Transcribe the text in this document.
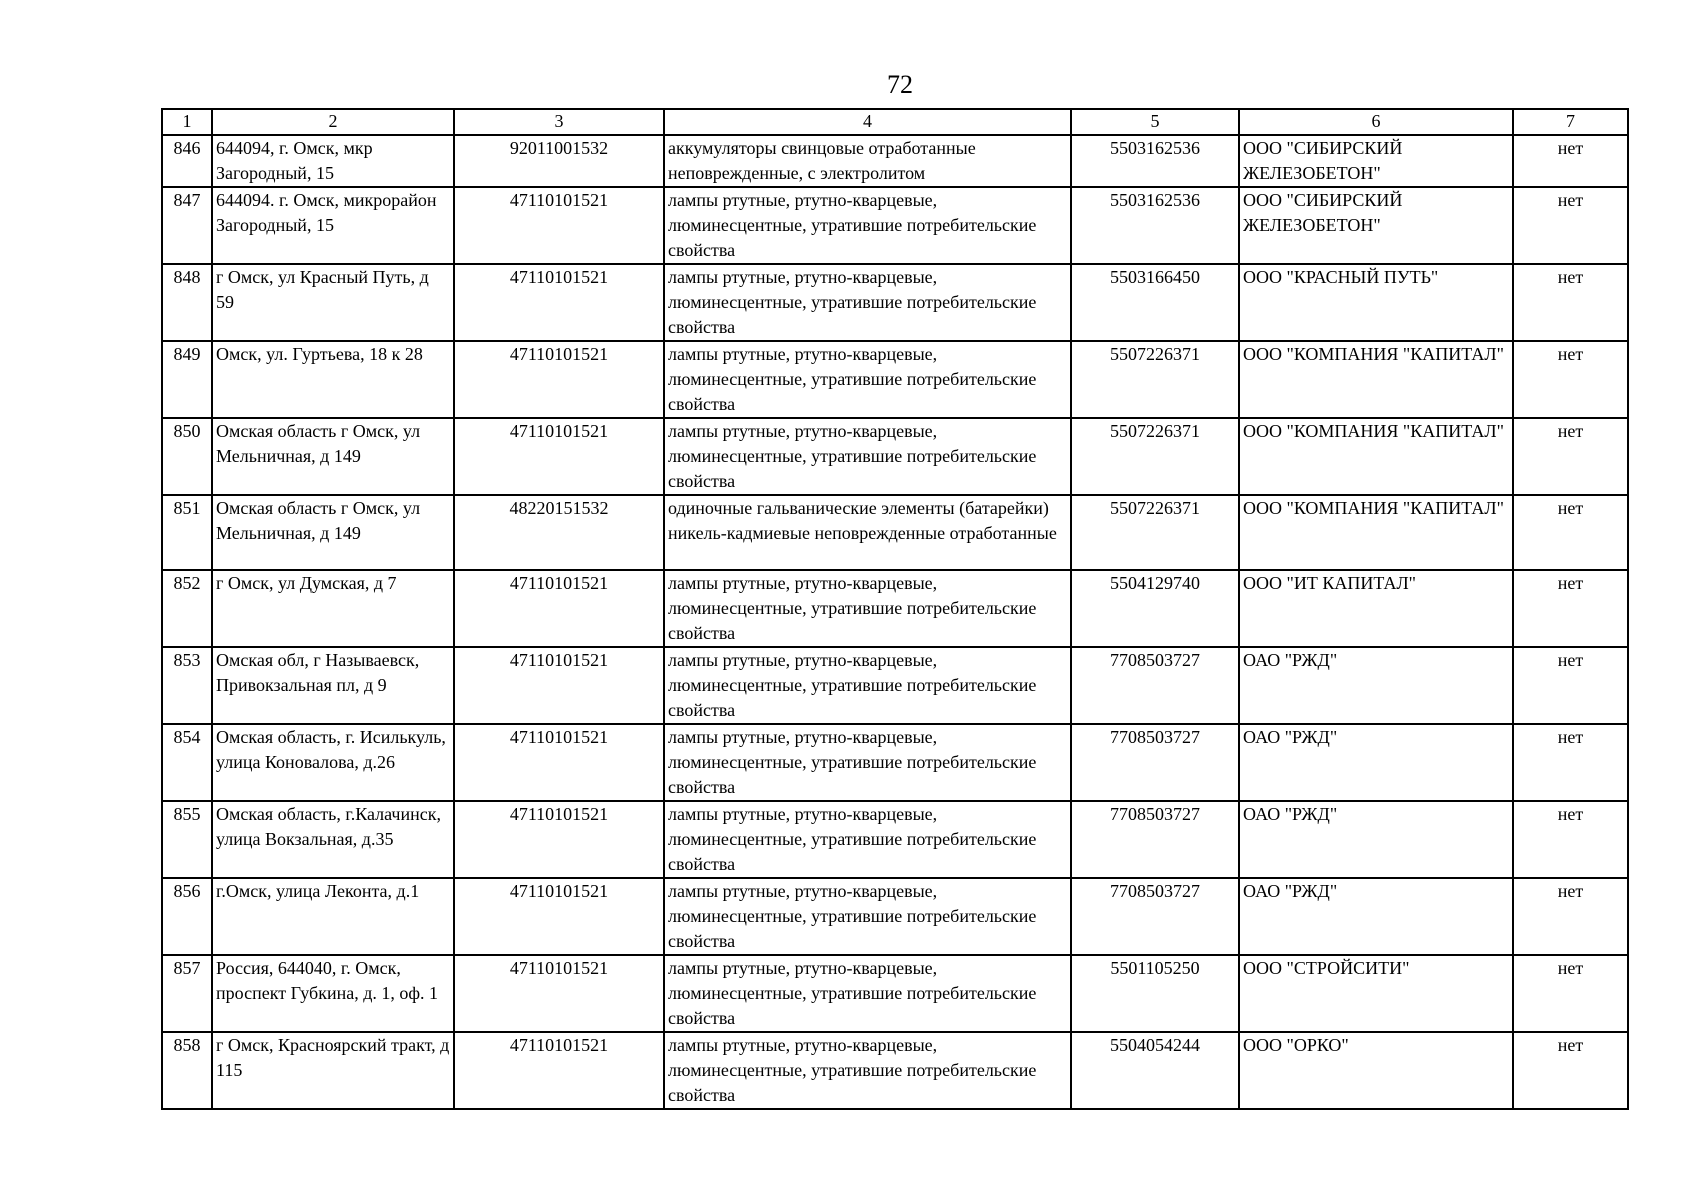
72
1	2	3	4	5	6	7
846	644094, г. Омск, мкр Загородный, 15	92011001532	аккумуляторы свинцовые отработанные неповрежденные, с электролитом	5503162536	ООО "СИБИРСКИЙ ЖЕЛЕЗОБЕТОН"	нет
847	644094. г. Омск, микрорайон Загородный, 15	47110101521	лампы ртутные, ртутно-кварцевые, люминесцентные, утратившие потребительские свойства	5503162536	ООО "СИБИРСКИЙ ЖЕЛЕЗОБЕТОН"	нет
848	г Омск, ул Красный Путь, д 59	47110101521	лампы ртутные, ртутно-кварцевые, люминесцентные, утратившие потребительские свойства	5503166450	ООО "КРАСНЫЙ ПУТЬ"	нет
849	Омск, ул. Гуртьева, 18 к 28	47110101521	лампы ртутные, ртутно-кварцевые, люминесцентные, утратившие потребительские свойства	5507226371	ООО "КОМПАНИЯ "КАПИТАЛ"	нет
850	Омская область г Омск, ул Мельничная, д 149	47110101521	лампы ртутные, ртутно-кварцевые, люминесцентные, утратившие потребительские свойства	5507226371	ООО "КОМПАНИЯ "КАПИТАЛ"	нет
851	Омская область г Омск, ул Мельничная, д 149	48220151532	одиночные гальванические элементы (батарейки) никель-кадмиевые неповрежденные отработанные	5507226371	ООО "КОМПАНИЯ "КАПИТАЛ"	нет
852	г Омск, ул Думская, д 7	47110101521	лампы ртутные, ртутно-кварцевые, люминесцентные, утратившие потребительские свойства	5504129740	ООО "ИТ КАПИТАЛ"	нет
853	Омская обл, г Называевск, Привокзальная пл, д 9	47110101521	лампы ртутные, ртутно-кварцевые, люминесцентные, утратившие потребительские свойства	7708503727	ОАО "РЖД"	нет
854	Омская область, г. Исилькуль, улица Коновалова, д.26	47110101521	лампы ртутные, ртутно-кварцевые, люминесцентные, утратившие потребительские свойства	7708503727	ОАО "РЖД"	нет
855	Омская область, г.Калачинск, улица Вокзальная, д.35	47110101521	лампы ртутные, ртутно-кварцевые, люминесцентные, утратившие потребительские свойства	7708503727	ОАО "РЖД"	нет
856	г.Омск, улица Леконта, д.1	47110101521	лампы ртутные, ртутно-кварцевые, люминесцентные, утратившие потребительские свойства	7708503727	ОАО "РЖД"	нет
857	Россия, 644040, г. Омск, проспект Губкина, д. 1, оф. 1	47110101521	лампы ртутные, ртутно-кварцевые, люминесцентные, утратившие потребительские свойства	5501105250	ООО "СТРОЙСИТИ"	нет
858	г Омск, Красноярский тракт, д 115	47110101521	лампы ртутные, ртутно-кварцевые, люминесцентные, утратившие потребительские свойства	5504054244	ООО "ОРКО"	нет
